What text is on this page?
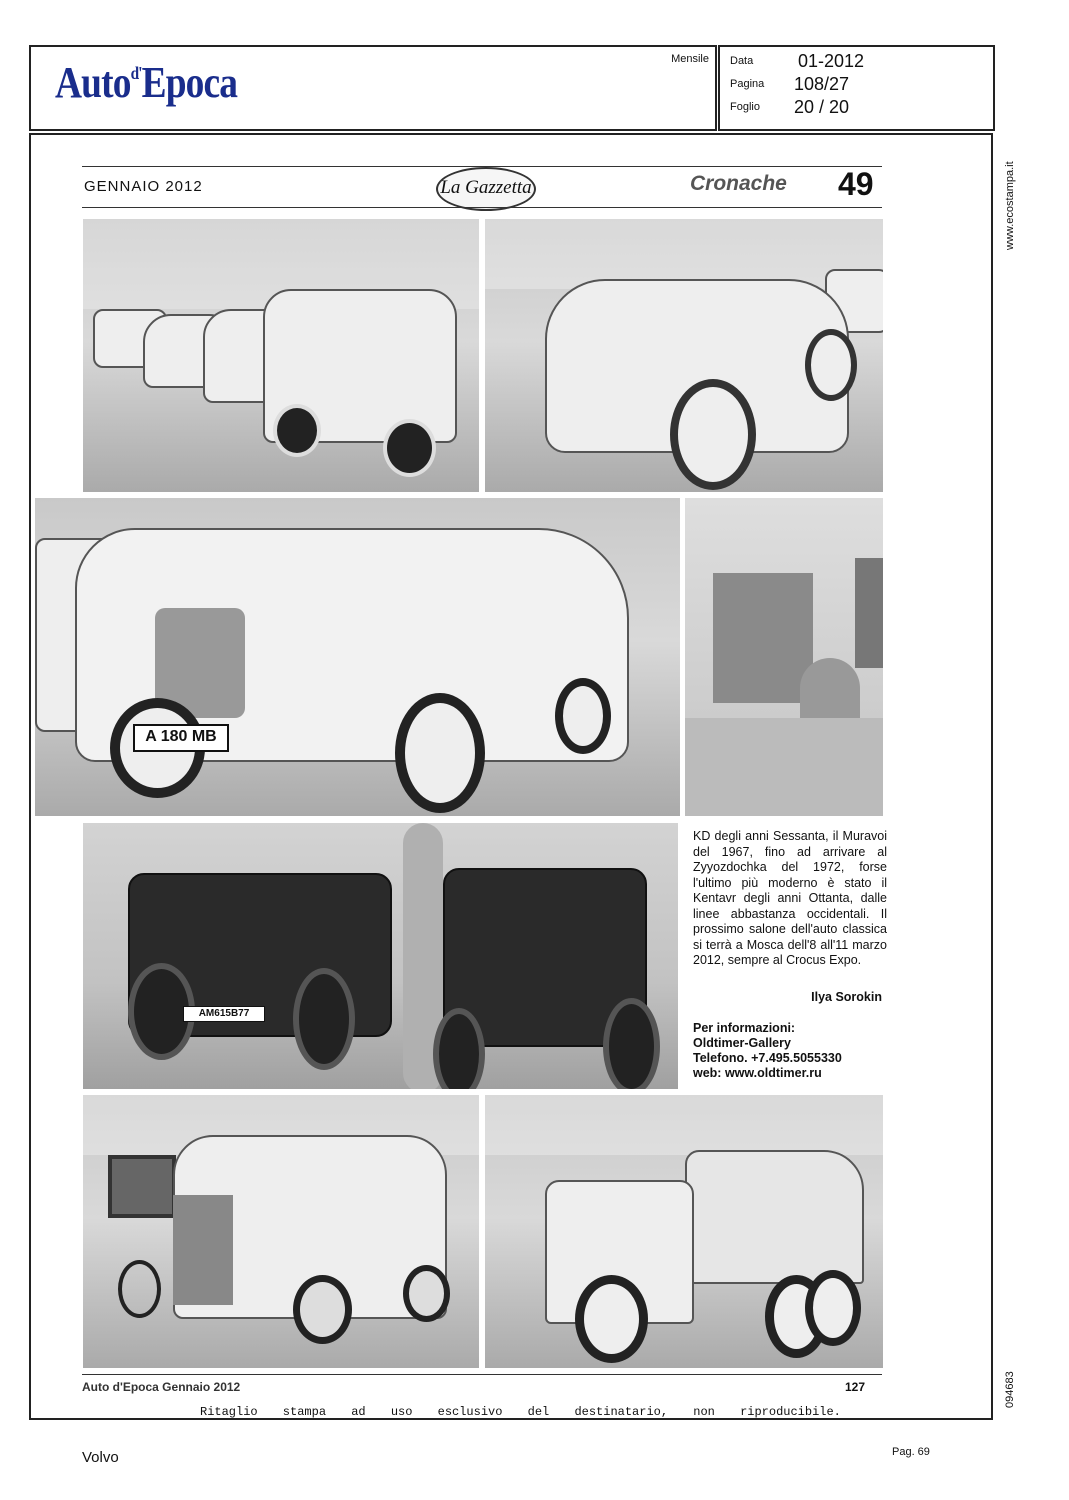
Auto$^{d'}$Epoca	Mensile Data 01-2012
Pagina 108/27
Foglio 20 / 20
www.ecostampa.it
094683
GENNAIO 2012	La Gazzetta	Cronache 49
A 180 MB
AM615B77
KD degli anni Sessanta, il Muravoi del 1967, fino ad arrivare al Zyyozdochka del 1972, forse l'ultimo più moderno è stato il Kentavr degli anni Ottanta, dalle linee abbastanza occidentali. Il prossimo salone dell'auto classica si terrà a Mosca dell'8 all'11 marzo 2012, sempre al Crocus Expo.
Ilya Sorokin
Per informazioni:
Oldtimer-Gallery
Telefono. +7.495.5055330
web: www.oldtimer.ru
Auto d'Epoca Gennaio 2012	127
Ritaglio stampa ad uso esclusivo del destinatario, non riproducibile.
Volvo	Pag. 69
